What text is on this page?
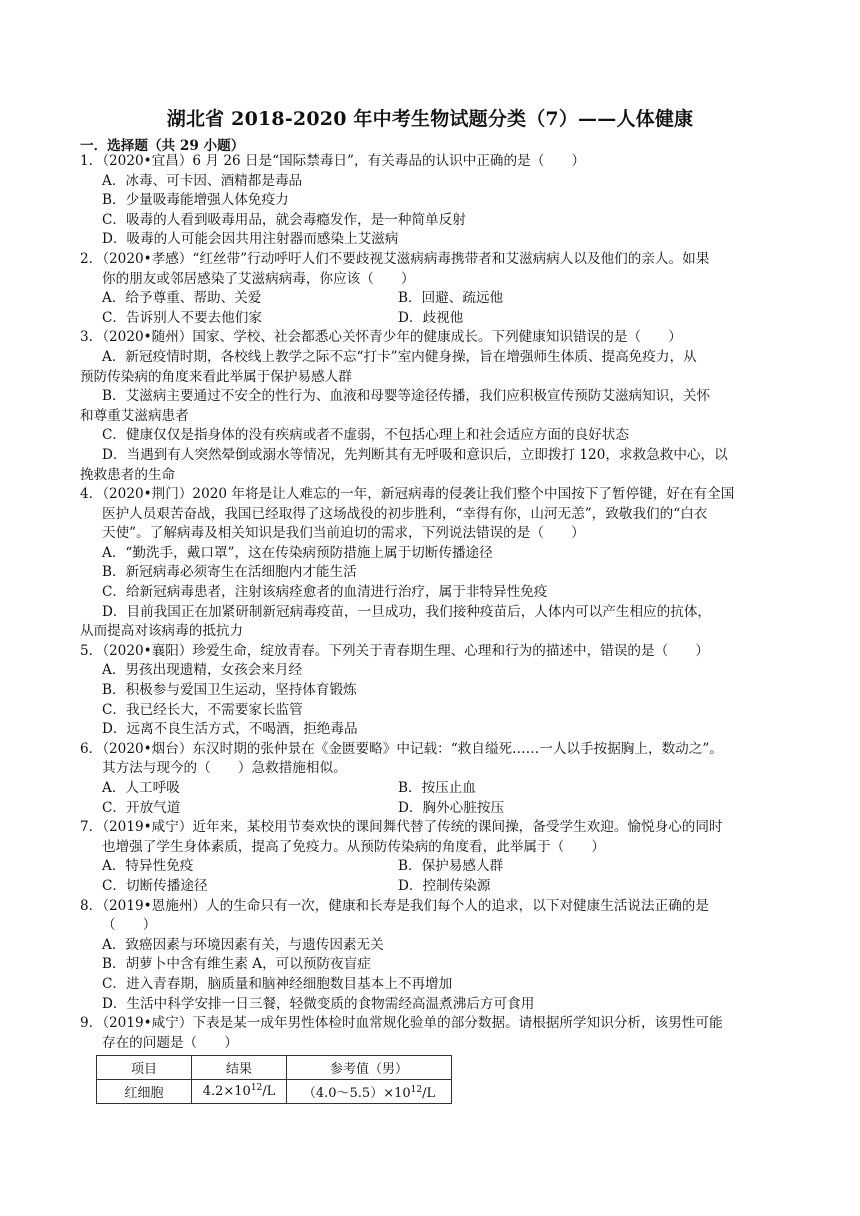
湖北省 2018-2020 年中考生物试题分类（7）——人体健康
一．选择题（共 29 小题）
1．（2020•宜昌）6 月 26 日是“国际禁毒日”，有关毒品的认识中正确的是（　　）
A．冰毒、可卡因、酒精都是毒品
B．少量吸毒能增强人体免疫力
C．吸毒的人看到吸毒用品，就会毒瘾发作，是一种简单反射
D．吸毒的人可能会因共用注射器而感染上艾滋病
2．（2020•孝感）“红丝带”行动呼吁人们不要歧视艾滋病病毒携带者和艾滋病病人以及他们的亲人。如果
你的朋友或邻居感染了艾滋病病毒，你应该（　　）
A．给予尊重、帮助、关爱	B．回避、疏远他
C．告诉别人不要去他们家	D．歧视他
3．（2020•随州）国家、学校、社会都悉心关怀青少年的健康成长。下列健康知识错误的是（　　）
A．新冠疫情时期，各校线上教学之际不忘“打卡”室内健身操，旨在增强师生体质、提高免疫力，从
预防传染病的角度来看此举属于保护易感人群
B．艾滋病主要通过不安全的性行为、血液和母婴等途径传播，我们应积极宣传预防艾滋病知识，关怀
和尊重艾滋病患者
C．健康仅仅是指身体的没有疾病或者不虚弱，不包括心理上和社会适应方面的良好状态
D．当遇到有人突然晕倒或溺水等情况，先判断其有无呼吸和意识后，立即拨打 120，求救急救中心，以
挽救患者的生命
4．（2020•荆门）2020 年将是让人难忘的一年，新冠病毒的侵袭让我们整个中国按下了暂停键，好在有全国
医护人员艰苦奋战，我国已经取得了这场战役的初步胜利，“幸得有你，山河无恙”，致敬我们的“白衣
天使”。了解病毒及相关知识是我们当前迫切的需求，下列说法错误的是（　　）
A．“勤洗手，戴口罩”，这在传染病预防措施上属于切断传播途径
B．新冠病毒必须寄生在活细胞内才能生活
C．给新冠病毒患者，注射该病痊愈者的血清进行治疗，属于非特异性免疫
D．目前我国正在加紧研制新冠病毒疫苗，一旦成功，我们接种疫苗后，人体内可以产生相应的抗体，
从而提高对该病毒的抵抗力
5．（2020•襄阳）珍爱生命，绽放青春。下列关于青春期生理、心理和行为的描述中，错误的是（　　）
A．男孩出现遗精，女孩会来月经
B．积极参与爱国卫生运动，坚持体育锻炼
C．我已经长大，不需要家长监管
D．远离不良生活方式，不喝酒，拒绝毒品
6．（2020•烟台）东汉时期的张仲景在《金匮要略》中记载：“救自缢死……一人以手按据胸上，数动之”。
其方法与现今的（　　）急救措施相似。
A．人工呼吸	B．按压止血
C．开放气道	D．胸外心脏按压
7．（2019•咸宁）近年来，某校用节奏欢快的课间舞代替了传统的课间操，备受学生欢迎。愉悦身心的同时
也增强了学生身体素质，提高了免疫力。从预防传染病的角度看，此举属于（　　）
A．特异性免疫	B．保护易感人群
C．切断传播途径	D．控制传染源
8．（2019•恩施州）人的生命只有一次，健康和长寿是我们每个人的追求，以下对健康生活说法正确的是
（　　）
A．致癌因素与环境因素有关，与遗传因素无关
B．胡萝卜中含有维生素 A，可以预防夜盲症
C．进入青春期，脑质量和脑神经细胞数目基本上不再增加
D．生活中科学安排一日三餐，轻微变质的食物需经高温煮沸后方可食用
9．（2019•咸宁）下表是某一成年男性体检时血常规化验单的部分数据。请根据所学知识分析，该男性可能
存在的问题是（　　）
项目	结果	参考值（男）
红细胞	$4.2\times 10^{12}/L$	$(4.0\sim 5.5)\times 10^{12}/L$
